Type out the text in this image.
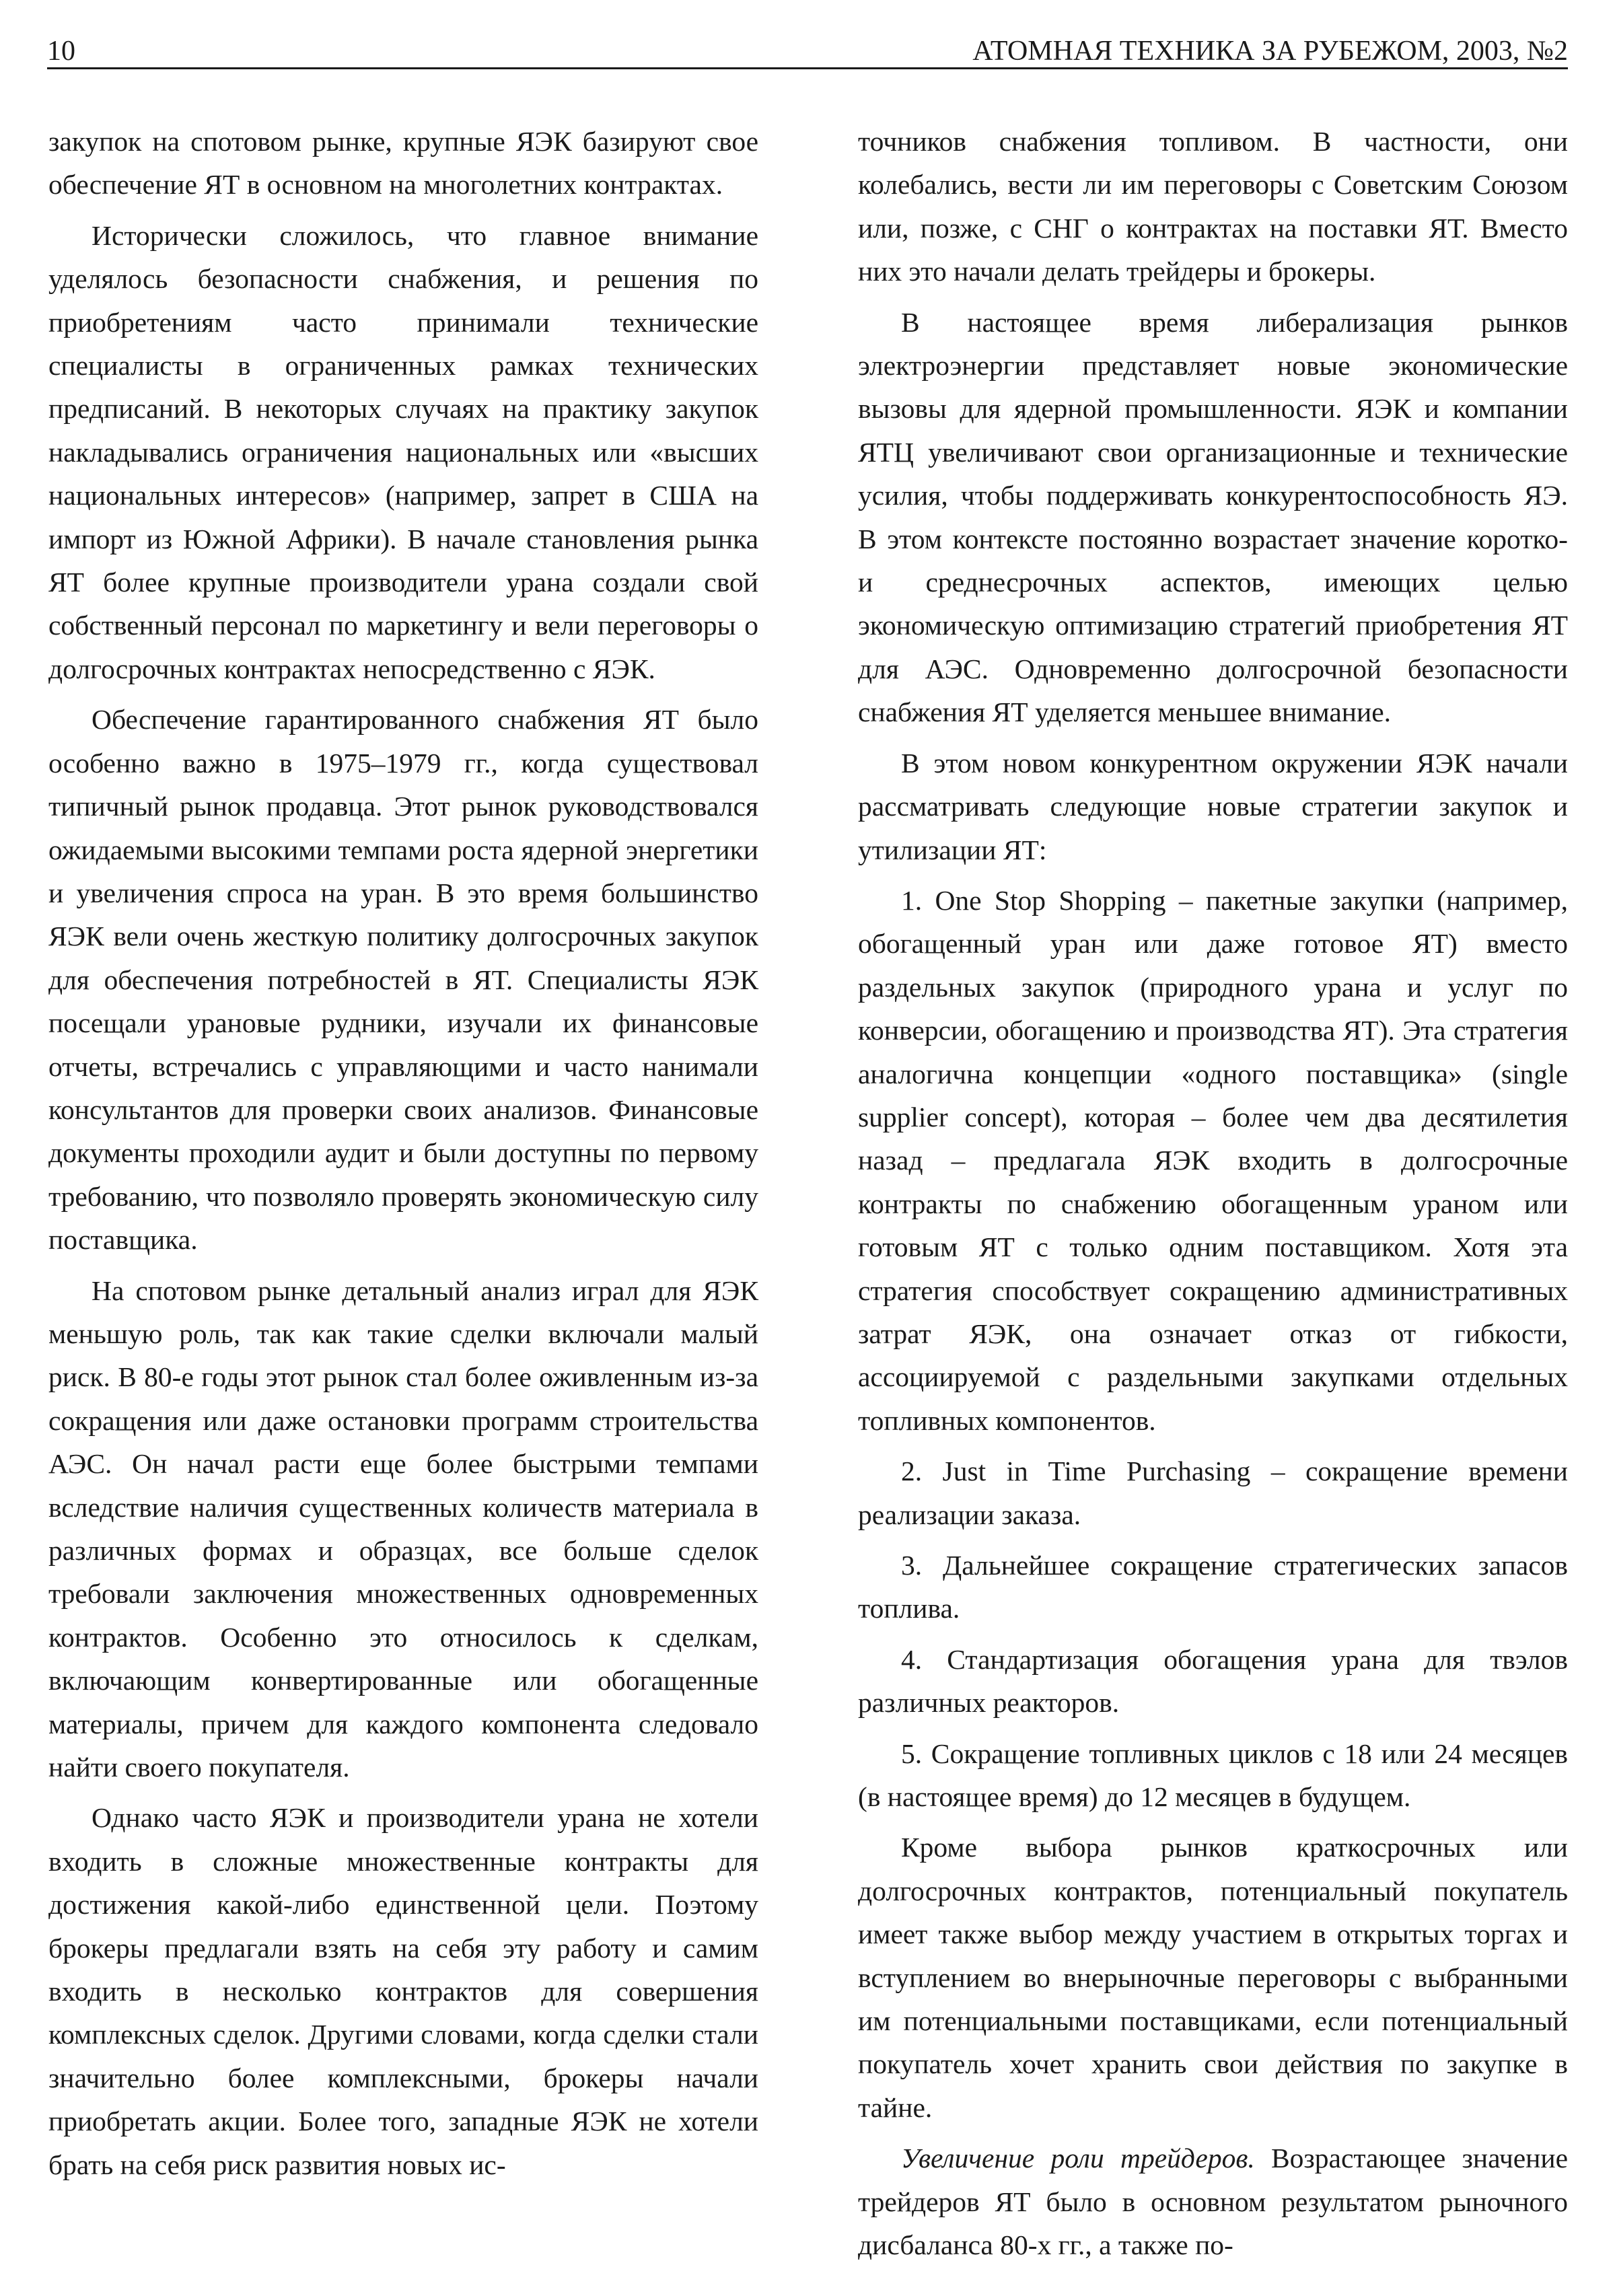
10	АТОМНАЯ ТЕХНИКА ЗА РУБЕЖОМ, 2003, №2

закупок на спотовом рынке, крупные ЯЭК базируют свое обеспечение ЯТ в основном на многолетних контрактах.

Исторически сложилось, что главное внимание уделялось безопасности снабжения, и решения по приобретениям часто принимали технические специалисты в ограниченных рамках технических предписаний. В некоторых случаях на практику закупок накладывались ограничения национальных или «высших национальных интересов» (например, запрет в США на импорт из Южной Африки). В начале становления рынка ЯТ более крупные производители урана создали свой собственный персонал по маркетингу и вели переговоры о долгосрочных контрактах непосредственно с ЯЭК.

Обеспечение гарантированного снабжения ЯТ было особенно важно в 1975–1979 гг., когда существовал типичный рынок продавца. Этот рынок руководствовался ожидаемыми высокими темпами роста ядерной энергетики и увеличения спроса на уран. В это время большинство ЯЭК вели очень жесткую политику долгосрочных закупок для обеспечения потребностей в ЯТ. Специалисты ЯЭК посещали урановые рудники, изучали их финансовые отчеты, встречались с управляющими и часто нанимали консультантов для проверки своих анализов. Финансовые документы проходили аудит и были доступны по первому требованию, что позволяло проверять экономическую силу поставщика.

На спотовом рынке детальный анализ играл для ЯЭК меньшую роль, так как такие сделки включали малый риск. В 80-е годы этот рынок стал более оживленным из-за сокращения или даже остановки программ строительства АЭС. Он начал расти еще более быстрыми темпами вследствие наличия существенных количеств материала в различных формах и образцах, все больше сделок требовали заключения множественных одновременных контрактов. Особенно это относилось к сделкам, включающим конвертированные или обогащенные материалы, причем для каждого компонента следовало найти своего покупателя.

Однако часто ЯЭК и производители урана не хотели входить в сложные множественные контракты для достижения какой-либо единственной цели. Поэтому брокеры предлагали взять на себя эту работу и самим входить в несколько контрактов для совершения комплексных сделок. Другими словами, когда сделки стали значительно более комплексными, брокеры начали приобретать акции. Более того, западные ЯЭК не хотели брать на себя риск развития новых ис-

точников снабжения топливом. В частности, они колебались, вести ли им переговоры с Советским Союзом или, позже, с СНГ о контрактах на поставки ЯТ. Вместо них это начали делать трейдеры и брокеры.

В настоящее время либерализация рынков электроэнергии представляет новые экономические вызовы для ядерной промышленности. ЯЭК и компании ЯТЦ увеличивают свои организационные и технические усилия, чтобы поддерживать конкурентоспособность ЯЭ. В этом контексте постоянно возрастает значение коротко- и среднесрочных аспектов, имеющих целью экономическую оптимизацию стратегий приобретения ЯТ для АЭС. Одновременно долгосрочной безопасности снабжения ЯТ уделяется меньшее внимание.

В этом новом конкурентном окружении ЯЭК начали рассматривать следующие новые стратегии закупок и утилизации ЯТ:

1. One Stop Shopping – пакетные закупки (например, обогащенный уран или даже готовое ЯТ) вместо раздельных закупок (природного урана и услуг по конверсии, обогащению и производства ЯТ). Эта стратегия аналогична концепции «одного поставщика» (single supplier concept), которая – более чем два десятилетия назад – предлагала ЯЭК входить в долгосрочные контракты по снабжению обогащенным ураном или готовым ЯТ с только одним поставщиком. Хотя эта стратегия способствует сокращению административных затрат ЯЭК, она означает отказ от гибкости, ассоциируемой с раздельными закупками отдельных топливных компонентов.

2. Just in Time Purchasing – сокращение времени реализации заказа.

3. Дальнейшее сокращение стратегических запасов топлива.

4. Стандартизация обогащения урана для твэлов различных реакторов.

5. Сокращение топливных циклов с 18 или 24 месяцев (в настоящее время) до 12 месяцев в будущем.

Кроме выбора рынков краткосрочных или долгосрочных контрактов, потенциальный покупатель имеет также выбор между участием в открытых торгах и вступлением во внерыночные переговоры с выбранными им потенциальными поставщиками, если потенциальный покупатель хочет хранить свои действия по закупке в тайне.

Увеличение роли трейдеров. Возрастающее значение трейдеров ЯТ было в основном результатом рыночного дисбаланса 80-х гг., а также по-
